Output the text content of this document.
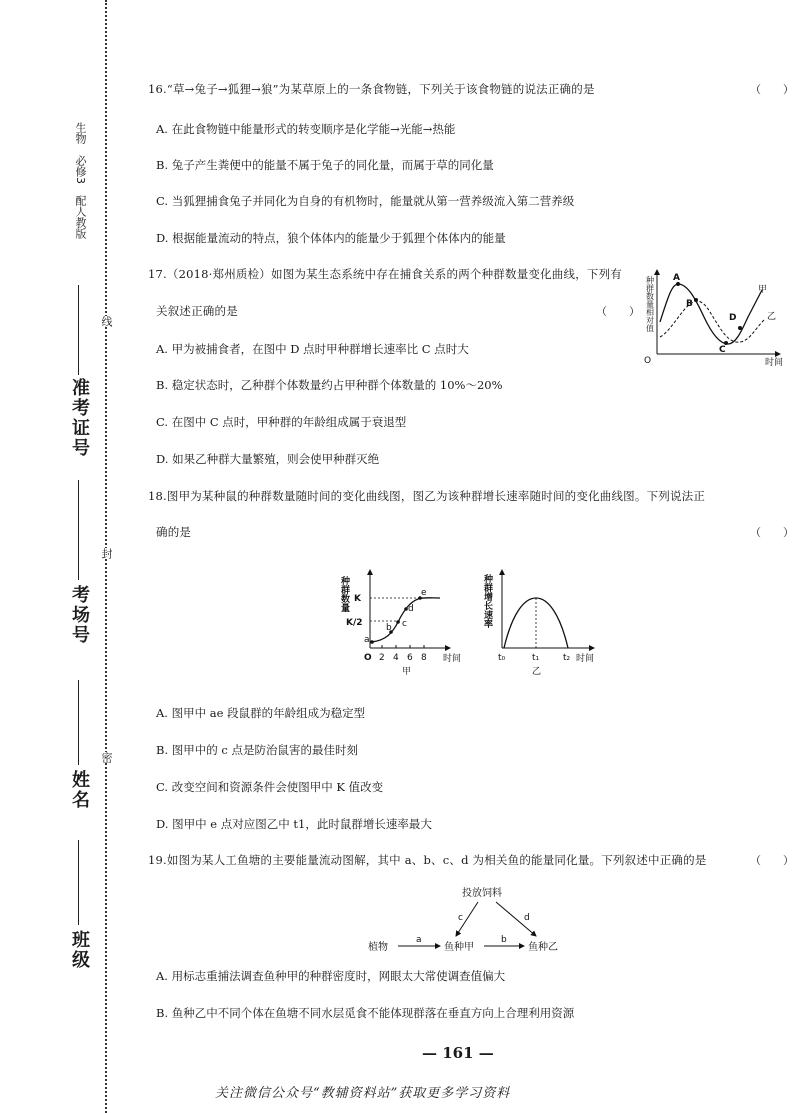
班级
姓名
考场号
准考证号
生物　必修3　配人教版
密
封
线
16.“草→兔子→狐狸→狼”为某草原上的一条食物链，下列关于该食物链的说法正确的是	（　　）
A. 在此食物链中能量形式的转变顺序是化学能→光能→热能
B. 兔子产生粪便中的能量不属于兔子的同化量，而属于草的同化量
C. 当狐狸捕食兔子并同化为自身的有机物时，能量就从第一营养级流入第二营养级
D. 根据能量流动的特点，狼个体体内的能量少于狐狸个体体内的能量
17.（2018·郑州质检）如图为某生态系统中存在捕食关系的两个种群数量变化曲线，下列有
关叙述正确的是	（　　）
A. 甲为被捕食者，在图中 D 点时甲种群增长速率比 C 点时大
B. 稳定状态时，乙种群个体数量约占甲种群个体数量的 10%～20%
C. 在图中 C 点时，甲种群的年龄组成属于衰退型
D. 如果乙种群大量繁殖，则会使甲种群灭绝
O	时间
种群数量相对值 A
B
C
D
甲
乙
18.图甲为某种鼠的种群数量随时间的变化曲线图，图乙为该种群增长速率随时间的变化曲线图。下列说法正
确的是	（　　）
种群数量
时间
K
K/2
a
b c
d
e
O 2 4 6 8
甲
种群增长速率
时间
t₀	t₁	t₂
乙
A. 图甲中 ae 段鼠群的年龄组成为稳定型
B. 图甲中的 c 点是防治鼠害的最佳时刻
C. 改变空间和资源条件会使图甲中 K 值改变
D. 图甲中 e 点对应图乙中 t1，此时鼠群增长速率最大
19.如图为某人工鱼塘的主要能量流动图解，其中 a、b、c、d 为相关鱼的能量同化量。下列叙述中正确的是	（　　）
投放饲料
植物	鱼种甲	鱼种乙
a	b
c	d
A. 用标志重捕法调查鱼种甲的种群密度时，网眼太大常使调查值偏大
B. 鱼种乙中不同个体在鱼塘不同水层觅食不能体现群落在垂直方向上合理利用资源
— 161 —
关注微信公众号“教辅资料站”获取更多学习资料
